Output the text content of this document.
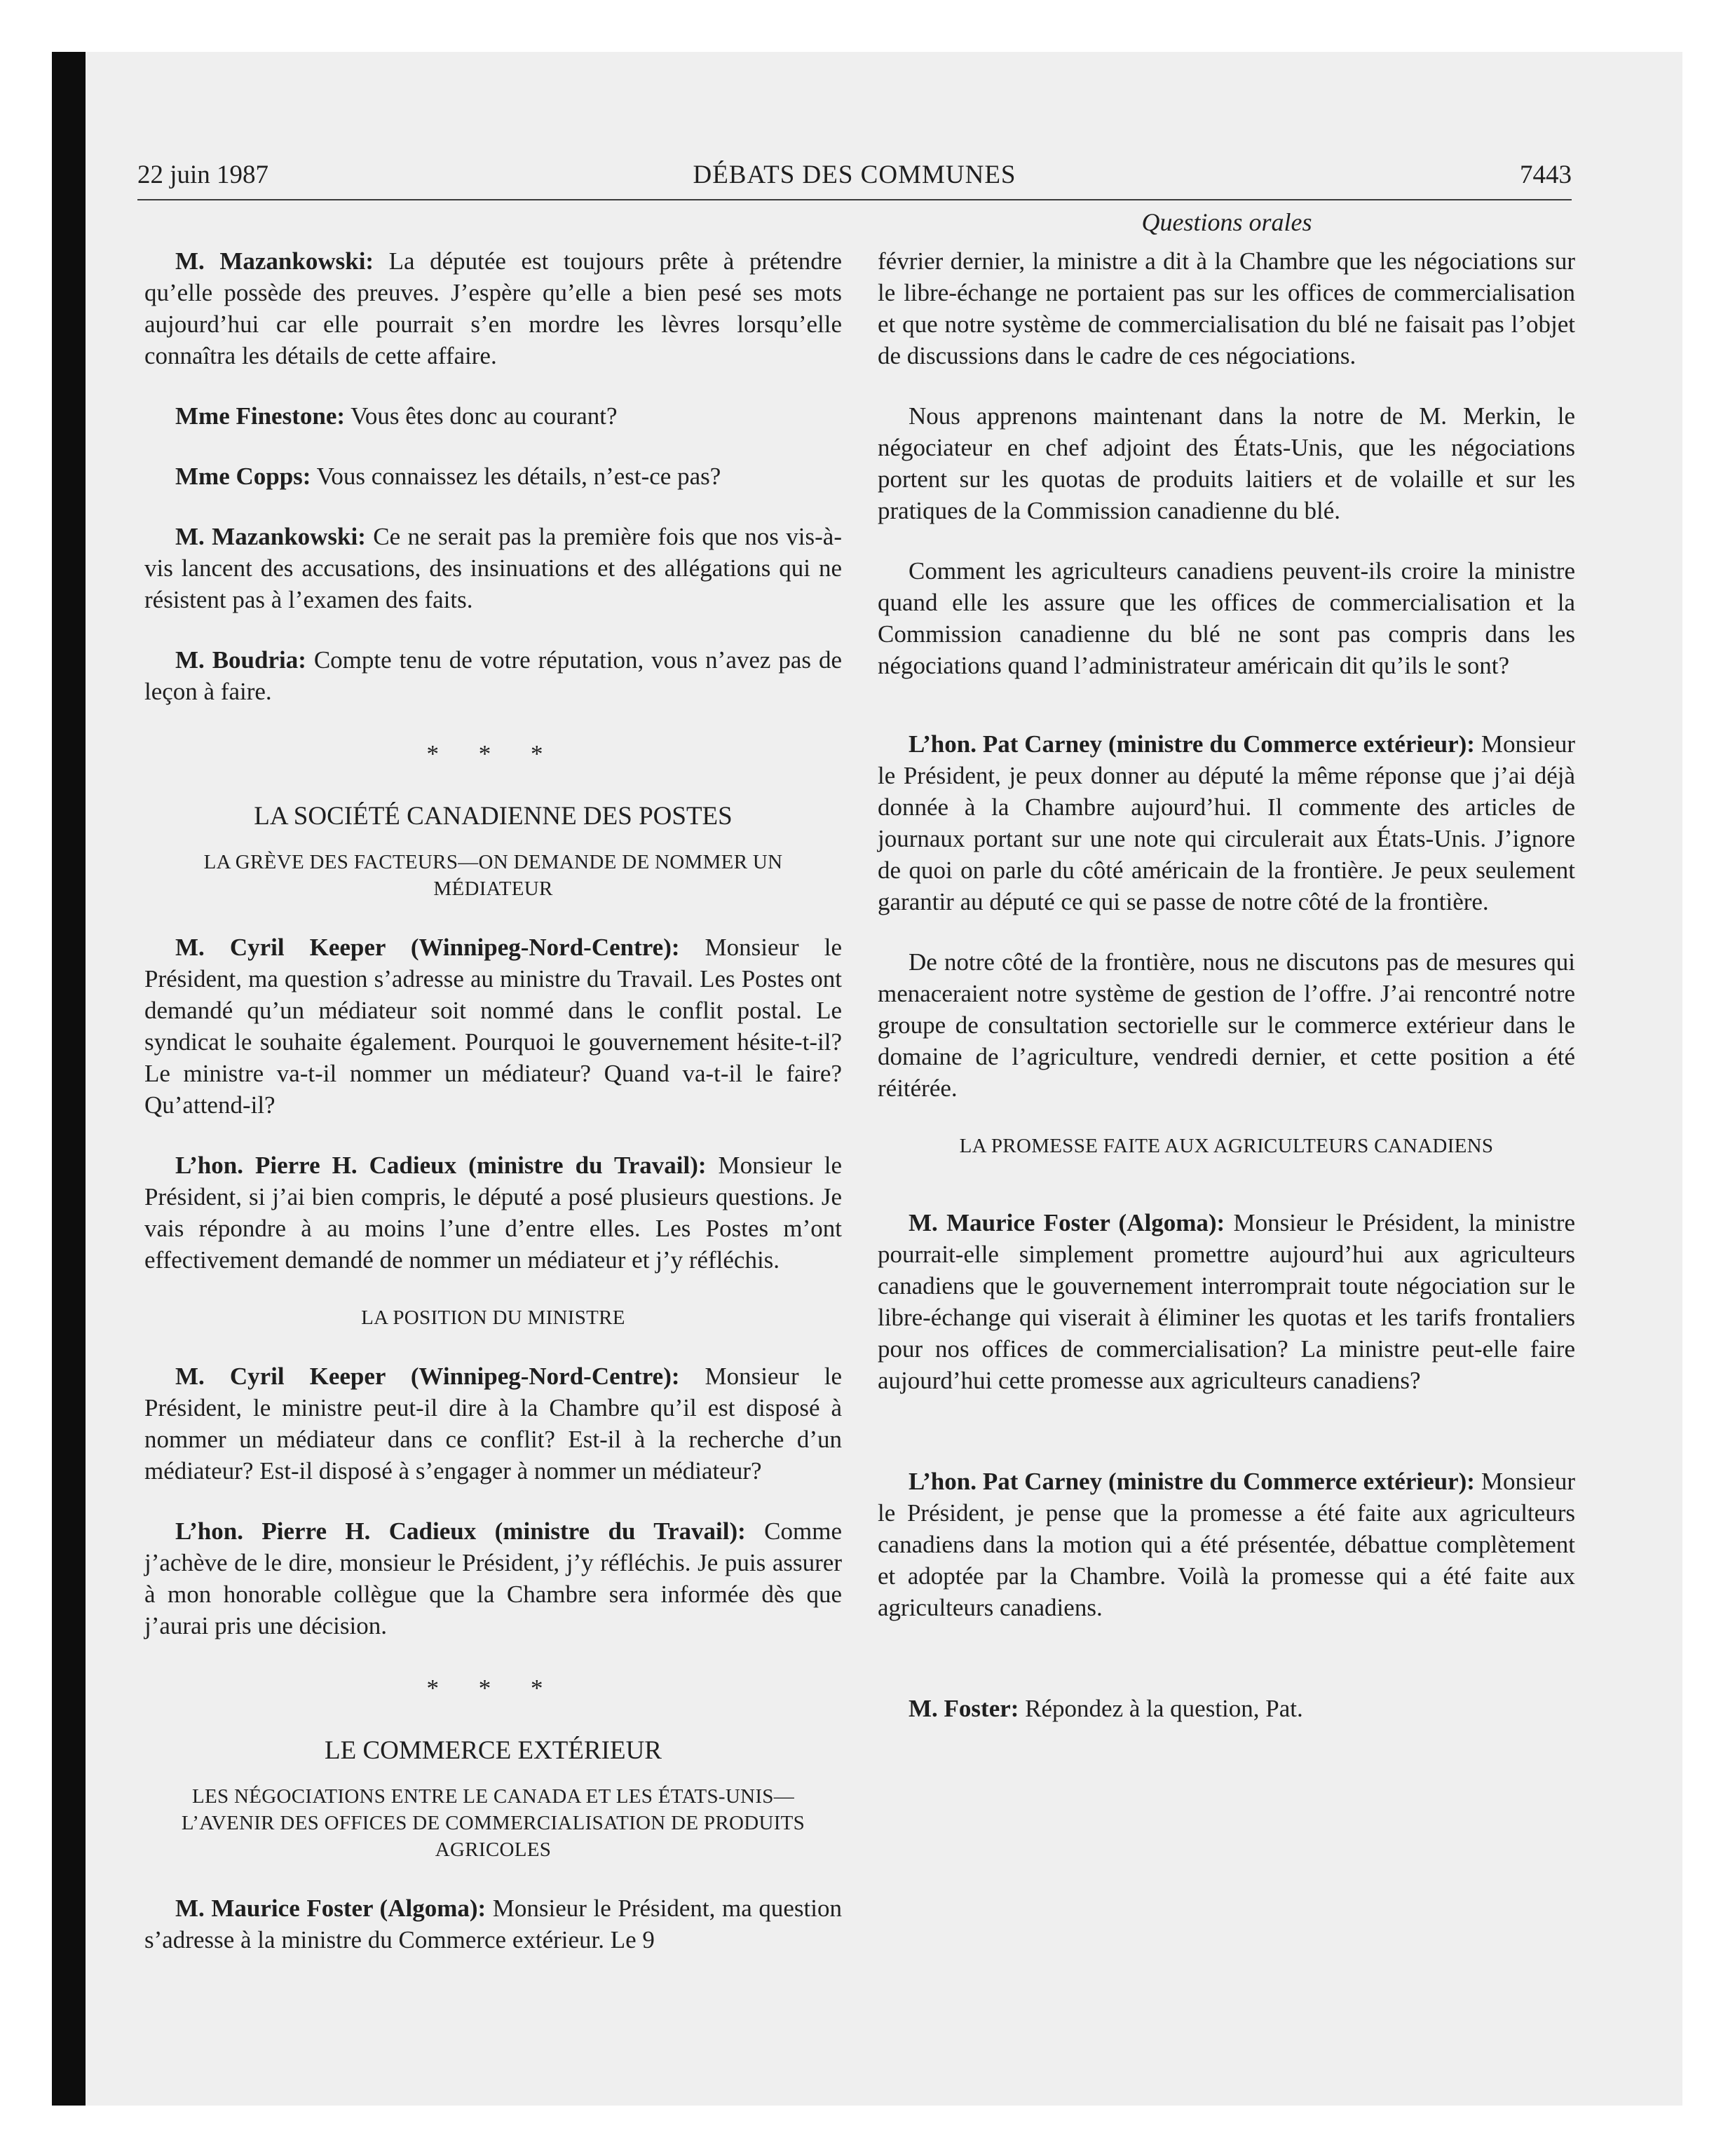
22 juin 1987	DÉBATS DES COMMUNES	7443
Questions orales

M. Mazankowski: La députée est toujours prête à prétendre qu’elle possède des preuves. J’espère qu’elle a bien pesé ses mots aujourd’hui car elle pourrait s’en mordre les lèvres lorsqu’elle connaîtra les détails de cette affaire.

Mme Finestone: Vous êtes donc au courant?

Mme Copps: Vous connaissez les détails, n’est-ce pas?

M. Mazankowski: Ce ne serait pas la première fois que nos vis-à-vis lancent des accusations, des insinuations et des allégations qui ne résistent pas à l’examen des faits.

M. Boudria: Compte tenu de votre réputation, vous n’avez pas de leçon à faire.

* * *
LA SOCIÉTÉ CANADIENNE DES POSTES
LA GRÈVE DES FACTEURS—ON DEMANDE DE NOMMER UN MÉDIATEUR

M. Cyril Keeper (Winnipeg-Nord-Centre): Monsieur le Président, ma question s’adresse au ministre du Travail. Les Postes ont demandé qu’un médiateur soit nommé dans le conflit postal. Le syndicat le souhaite également. Pourquoi le gouvernement hésite-t-il? Le ministre va-t-il nommer un médiateur? Quand va-t-il le faire? Qu’attend-il?

L’hon. Pierre H. Cadieux (ministre du Travail): Monsieur le Président, si j’ai bien compris, le député a posé plusieurs questions. Je vais répondre à au moins l’une d’entre elles. Les Postes m’ont effectivement demandé de nommer un médiateur et j’y réfléchis.

LA POSITION DU MINISTRE

M. Cyril Keeper (Winnipeg-Nord-Centre): Monsieur le Président, le ministre peut-il dire à la Chambre qu’il est disposé à nommer un médiateur dans ce conflit? Est-il à la recherche d’un médiateur? Est-il disposé à s’engager à nommer un médiateur?

L’hon. Pierre H. Cadieux (ministre du Travail): Comme j’achève de le dire, monsieur le Président, j’y réfléchis. Je puis assurer à mon honorable collègue que la Chambre sera informée dès que j’aurai pris une décision.

* * *
LE COMMERCE EXTÉRIEUR
LES NÉGOCIATIONS ENTRE LE CANADA ET LES ÉTATS-UNIS— L’AVENIR DES OFFICES DE COMMERCIALISATION DE PRODUITS AGRICOLES

M. Maurice Foster (Algoma): Monsieur le Président, ma question s’adresse à la ministre du Commerce extérieur. Le 9

février dernier, la ministre a dit à la Chambre que les négociations sur le libre-échange ne portaient pas sur les offices de commercialisation et que notre système de commercialisation du blé ne faisait pas l’objet de discussions dans le cadre de ces négociations.

Nous apprenons maintenant dans la notre de M. Merkin, le négociateur en chef adjoint des États-Unis, que les négociations portent sur les quotas de produits laitiers et de volaille et sur les pratiques de la Commission canadienne du blé.

Comment les agriculteurs canadiens peuvent-ils croire la ministre quand elle les assure que les offices de commercialisation et la Commission canadienne du blé ne sont pas compris dans les négociations quand l’administrateur américain dit qu’ils le sont?

L’hon. Pat Carney (ministre du Commerce extérieur): Monsieur le Président, je peux donner au député la même réponse que j’ai déjà donnée à la Chambre aujourd’hui. Il commente des articles de journaux portant sur une note qui circulerait aux États-Unis. J’ignore de quoi on parle du côté américain de la frontière. Je peux seulement garantir au député ce qui se passe de notre côté de la frontière.

De notre côté de la frontière, nous ne discutons pas de mesures qui menaceraient notre système de gestion de l’offre. J’ai rencontré notre groupe de consultation sectorielle sur le commerce extérieur dans le domaine de l’agriculture, vendredi dernier, et cette position a été réitérée.

LA PROMESSE FAITE AUX AGRICULTEURS CANADIENS

M. Maurice Foster (Algoma): Monsieur le Président, la ministre pourrait-elle simplement promettre aujourd’hui aux agriculteurs canadiens que le gouvernement interromprait toute négociation sur le libre-échange qui viserait à éliminer les quotas et les tarifs frontaliers pour nos offices de commercialisation? La ministre peut-elle faire aujourd’hui cette promesse aux agriculteurs canadiens?

L’hon. Pat Carney (ministre du Commerce extérieur): Monsieur le Président, je pense que la promesse a été faite aux agriculteurs canadiens dans la motion qui a été présentée, débattue complètement et adoptée par la Chambre. Voilà la promesse qui a été faite aux agriculteurs canadiens.

M. Foster: Répondez à la question, Pat.
